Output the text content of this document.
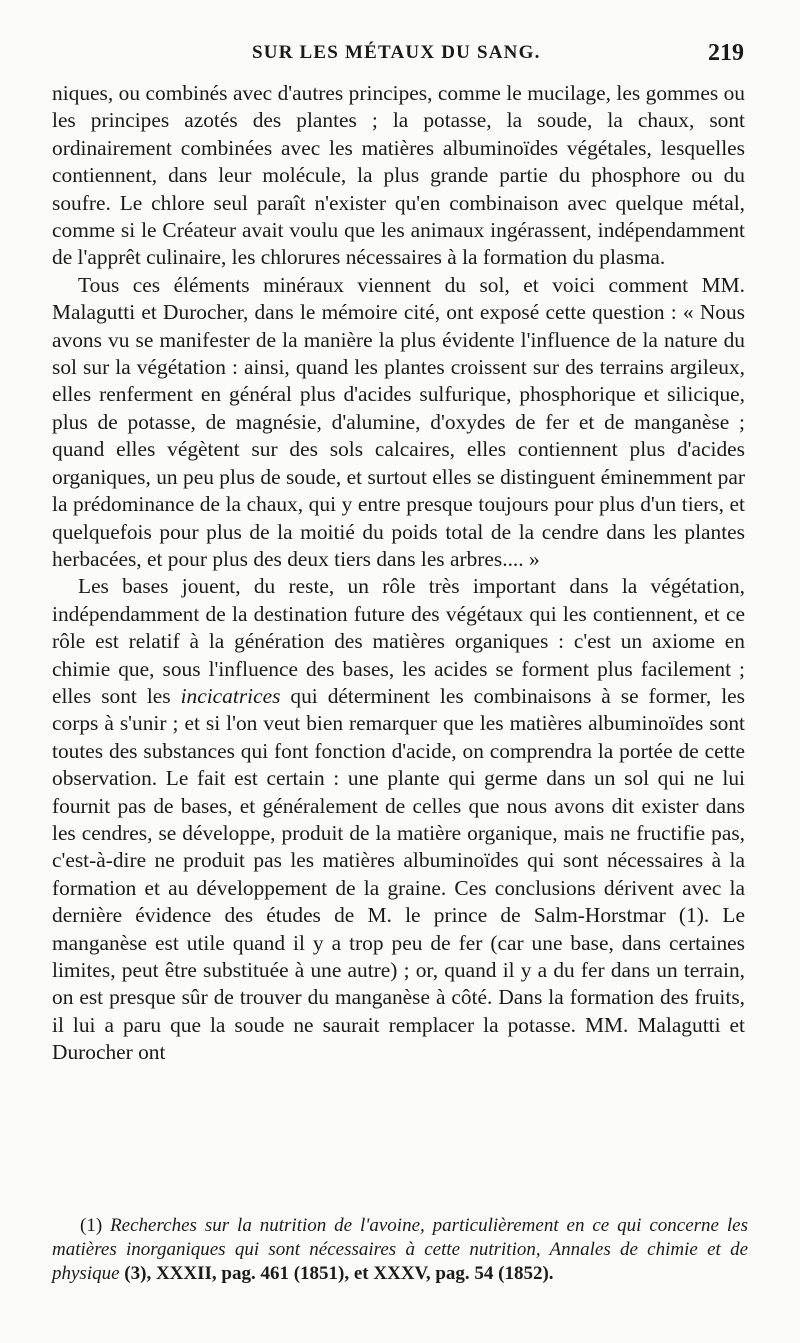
SUR LES MÉTAUX DU SANG.	219

niques, ou combinés avec d'autres principes, comme le mucilage, les gommes ou les principes azotés des plantes ; la potasse, la soude, la chaux, sont ordinairement combinées avec les matières albuminoïdes végétales, lesquelles contiennent, dans leur molécule, la plus grande partie du phosphore ou du soufre. Le chlore seul paraît n'exister qu'en combinaison avec quelque métal, comme si le Créateur avait voulu que les animaux ingérassent, indépendamment de l'apprêt culinaire, les chlorures nécessaires à la formation du plasma.

Tous ces éléments minéraux viennent du sol, et voici comment MM. Malagutti et Durocher, dans le mémoire cité, ont exposé cette question : « Nous avons vu se manifester de la manière la plus évidente l'influence de la nature du sol sur la végétation : ainsi, quand les plantes croissent sur des terrains argileux, elles renferment en général plus d'acides sulfurique, phosphorique et silicique, plus de potasse, de magnésie, d'alumine, d'oxydes de fer et de manganèse ; quand elles végètent sur des sols calcaires, elles contiennent plus d'acides organiques, un peu plus de soude, et surtout elles se distinguent éminemment par la prédominance de la chaux, qui y entre presque toujours pour plus d'un tiers, et quelquefois pour plus de la moitié du poids total de la cendre dans les plantes herbacées, et pour plus des deux tiers dans les arbres.... »

Les bases jouent, du reste, un rôle très important dans la végétation, indépendamment de la destination future des végétaux qui les contiennent, et ce rôle est relatif à la génération des matières organiques : c'est un axiome en chimie que, sous l'influence des bases, les acides se forment plus facilement ; elles sont les incicatrices qui déterminent les combinaisons à se former, les corps à s'unir ; et si l'on veut bien remarquer que les matières albuminoïdes sont toutes des substances qui font fonction d'acide, on comprendra la portée de cette observation. Le fait est certain : une plante qui germe dans un sol qui ne lui fournit pas de bases, et généralement de celles que nous avons dit exister dans les cendres, se développe, produit de la matière organique, mais ne fructifie pas, c'est-à-dire ne produit pas les matières albuminoïdes qui sont nécessaires à la formation et au développement de la graine. Ces conclusions dérivent avec la dernière évidence des études de M. le prince de Salm-Horstmar (1). Le manganèse est utile quand il y a trop peu de fer (car une base, dans certaines limites, peut être substituée à une autre) ; or, quand il y a du fer dans un terrain, on est presque sûr de trouver du manganèse à côté. Dans la formation des fruits, il lui a paru que la soude ne saurait remplacer la potasse. MM. Malagutti et Durocher ont

(1) Recherches sur la nutrition de l'avoine, particulièrement en ce qui concerne les matières inorganiques qui sont nécessaires à cette nutrition, Annales de chimie et de physique (3), XXXII, pag. 461 (1851), et XXXV, pag. 54 (1852).
